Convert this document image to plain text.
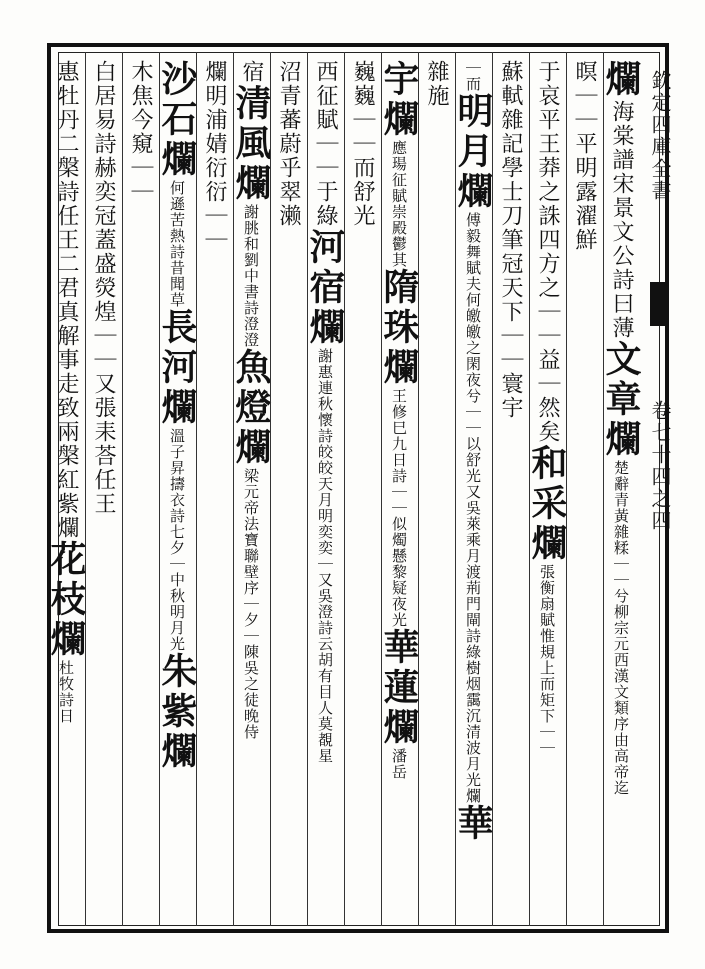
欽定四庫全書
卷七十四之四
爛海棠譜宋景文公詩曰薄文章爛楚辭青黃雜糅｜｜兮柳宗元西漢文類序由高帝迄
暝｜｜平明露濯鮮
于哀平王莽之誅四方之｜｜益｜然矣和采爛張衡扇賦惟規上而矩下｜｜
蘇軾雜記學士刀筆冠天下｜｜寰宇
｜而明月爛傅毅舞賦夫何皦皦之閑夜兮｜｜以舒光又吳萊乘月渡荊門閘詩綠樹烟靄沉清波月光爛華
雜施
宇爛應瑒征賦崇殿鬱其隋珠爛王修巳九日詩｜｜似燭懸黎疑夜光華蓮爛潘岳
巍巍｜｜而舒光
西征賦｜｜于綠河宿爛謝惠連秋懷詩皎皎天月明奕奕｜又吳澄詩云胡有目人莫覩星
沼青蕃蔚乎翠濑
宿清風爛謝朓和劉中書詩澄澄魚燈爛梁元帝法寶聯壁序｜夕｜陳吳之徒晚侍
爛明浦婧衍衍｜｜
沙石爛何遜苦熱詩昔聞草長河爛溫子昇擣衣詩七夕｜中秋明月光朱紫爛
木焦今窺｜｜
白居易詩赫奕冠蓋盛熒煌｜｜又張耒荅任王
惠牡丹二槃詩任王二君真解事走致兩槃紅紫爛花枝爛杜牧詩日
